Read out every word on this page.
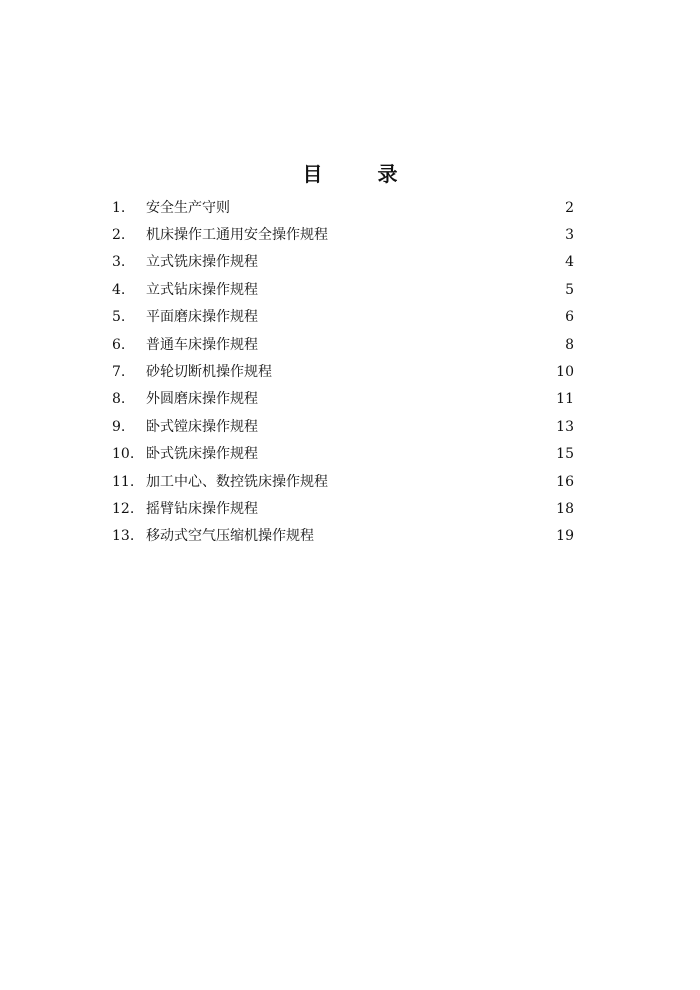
目 录
1.	安全生产守则	2
2.	机床操作工通用安全操作规程	3
3.	立式铣床操作规程	4
4.	立式钻床操作规程	5
5.	平面磨床操作规程	6
6.	普通车床操作规程	8
7.	砂轮切断机操作规程	10
8.	外圆磨床操作规程	11
9.	卧式镗床操作规程	13
10. 卧式铣床操作规程	15
11. 加工中心、数控铣床操作规程	16
12. 摇臂钻床操作规程	18
13. 移动式空气压缩机操作规程	19
